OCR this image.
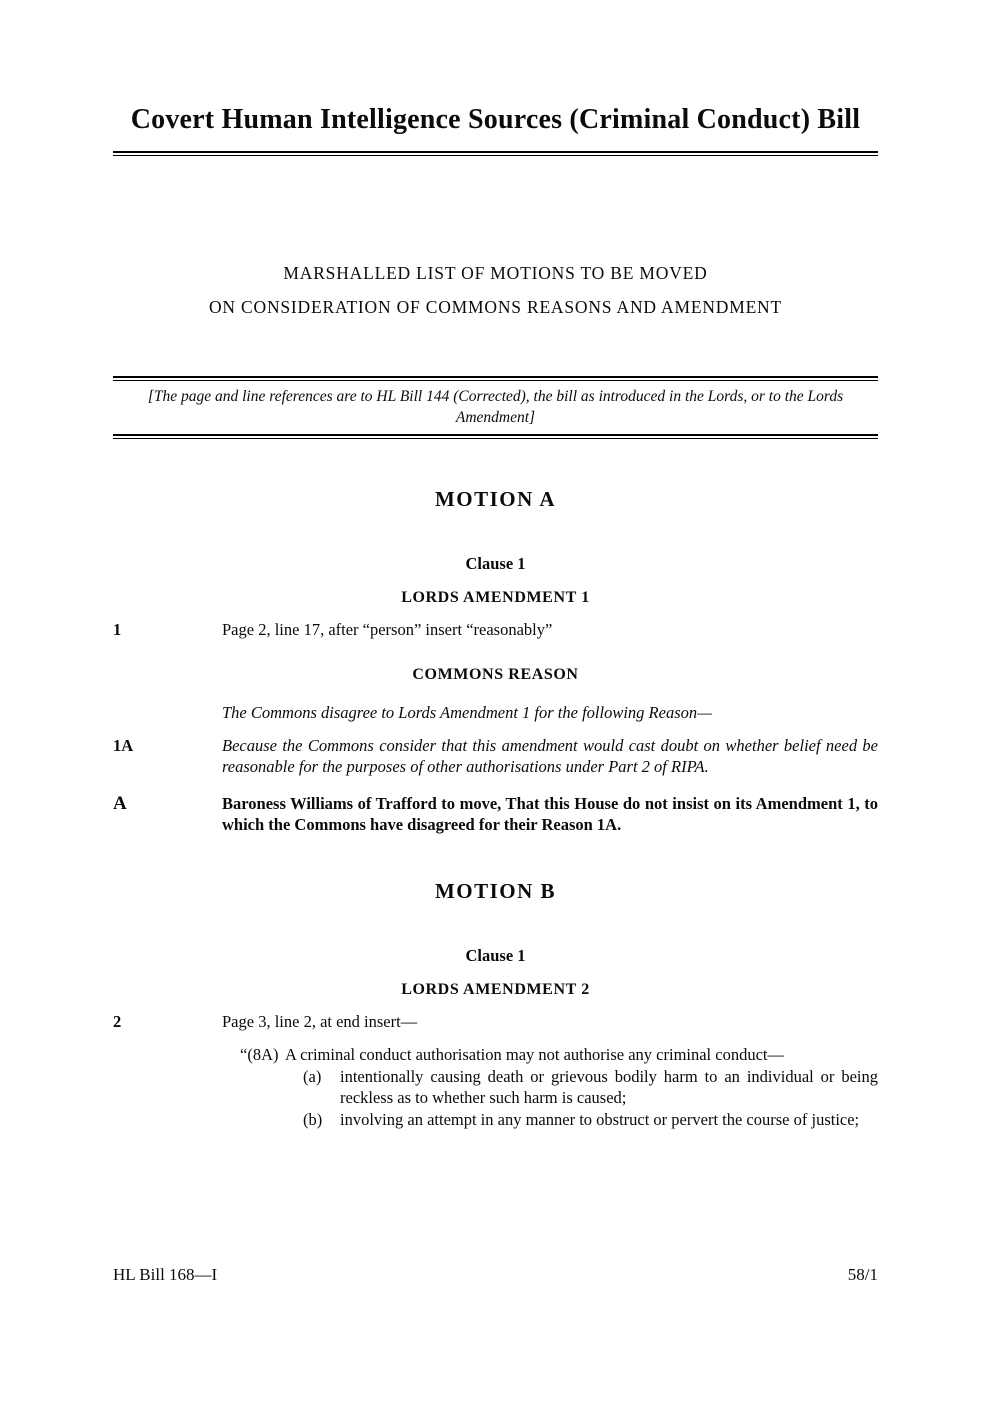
Covert Human Intelligence Sources (Criminal Conduct) Bill
MARSHALLED LIST OF MOTIONS TO BE MOVED
ON CONSIDERATION OF COMMONS REASONS AND AMENDMENT

[The page and line references are to HL Bill 144 (Corrected), the bill as introduced in the Lords, or to the Lords Amendment]

MOTION A
Clause 1
LORDS AMENDMENT 1
1	Page 2, line 17, after “person” insert “reasonably”
COMMONS REASON
The Commons disagree to Lords Amendment 1 for the following Reason—
1A	Because the Commons consider that this amendment would cast doubt on whether belief need be reasonable for the purposes of other authorisations under Part 2 of RIPA.
A	Baroness Williams of Trafford to move, That this House do not insist on its Amendment 1, to which the Commons have disagreed for their Reason 1A.
MOTION B
Clause 1
LORDS AMENDMENT 2
2	Page 3, line 2, at end insert—
“(8A) A criminal conduct authorisation may not authorise any criminal conduct—
(a)	intentionally causing death or grievous bodily harm to an individual or being reckless as to whether such harm is caused;
(b)	involving an attempt in any manner to obstruct or pervert the course of justice;
HL Bill 168—I	58/1
